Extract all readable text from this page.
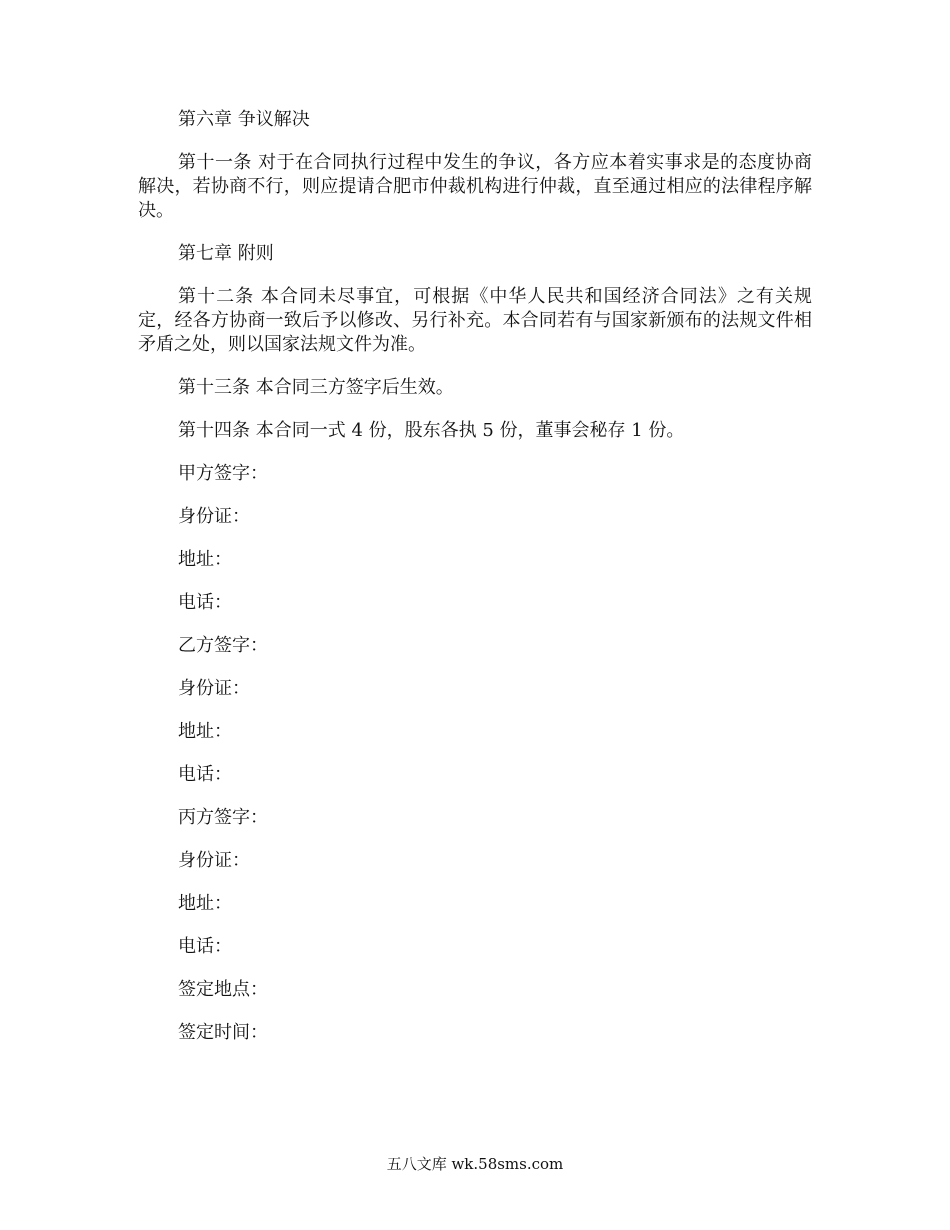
第六章 争议解决

第十一条 对于在合同执行过程中发生的争议，各方应本着实事求是的态度协商解决，若协商不行，则应提请合肥市仲裁机构进行仲裁，直至通过相应的法律程序解决。

第七章 附则

第十二条 本合同未尽事宜，可根据《中华人民共和国经济合同法》之有关规定，经各方协商一致后予以修改、另行补充。本合同若有与国家新颁布的法规文件相矛盾之处，则以国家法规文件为准。

第十三条 本合同三方签字后生效。

第十四条 本合同一式 4 份，股东各执 5 份，董事会秘存 1 份。

甲方签字：

身份证：

地址：

电话：

乙方签字：

身份证：

地址：

电话：

丙方签字：

身份证：

地址：

电话：

签定地点：

签定时间：

五八文库 wk.58sms.com
